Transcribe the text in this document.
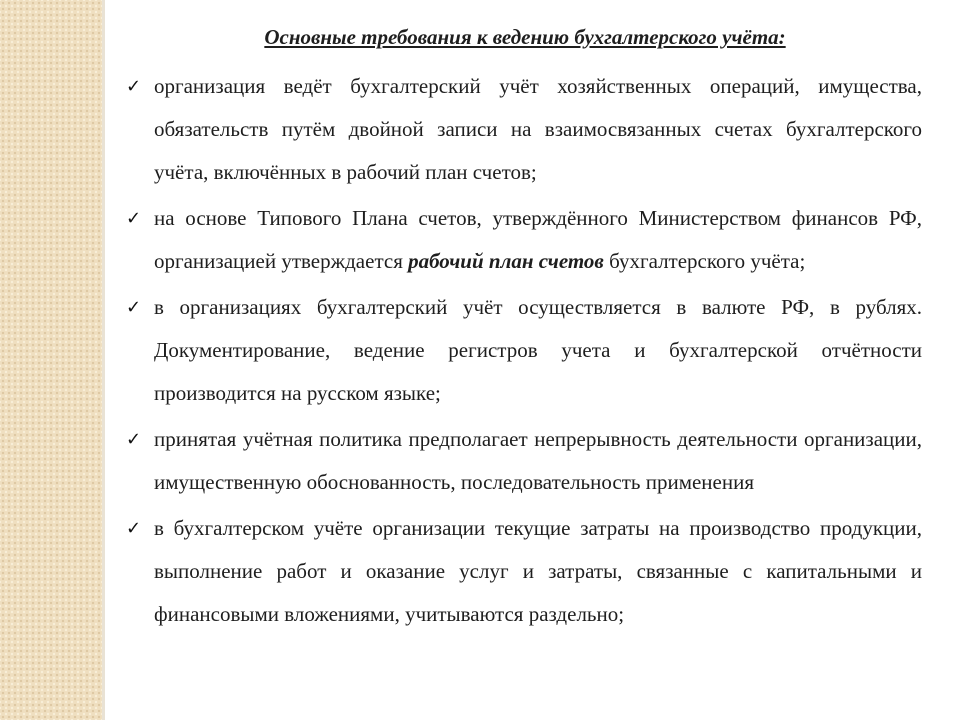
Основные требования к ведению бухгалтерского учёта:
✓ организация ведёт бухгалтерский учёт хозяйственных операций, имущества, обязательств путём двойной записи на взаимосвязанных счетах бухгалтерского учёта, включённых в рабочий план счетов;
✓ на основе Типового Плана счетов, утверждённого Министерством финансов РФ, организацией утверждается рабочий план счетов бухгалтерского учёта;
✓ в организациях бухгалтерский учёт осуществляется в валюте РФ, в рублях. Документирование, ведение регистров учета и бухгалтерской отчётности производится на русском языке;
✓ принятая учётная политика предполагает непрерывность деятельности организации, имущественную обоснованность, последовательность применения
✓ в бухгалтерском учёте организации текущие затраты на производство продукции, выполнение работ и оказание услуг и затраты, связанные с капитальными и финансовыми вложениями, учитываются раздельно;
